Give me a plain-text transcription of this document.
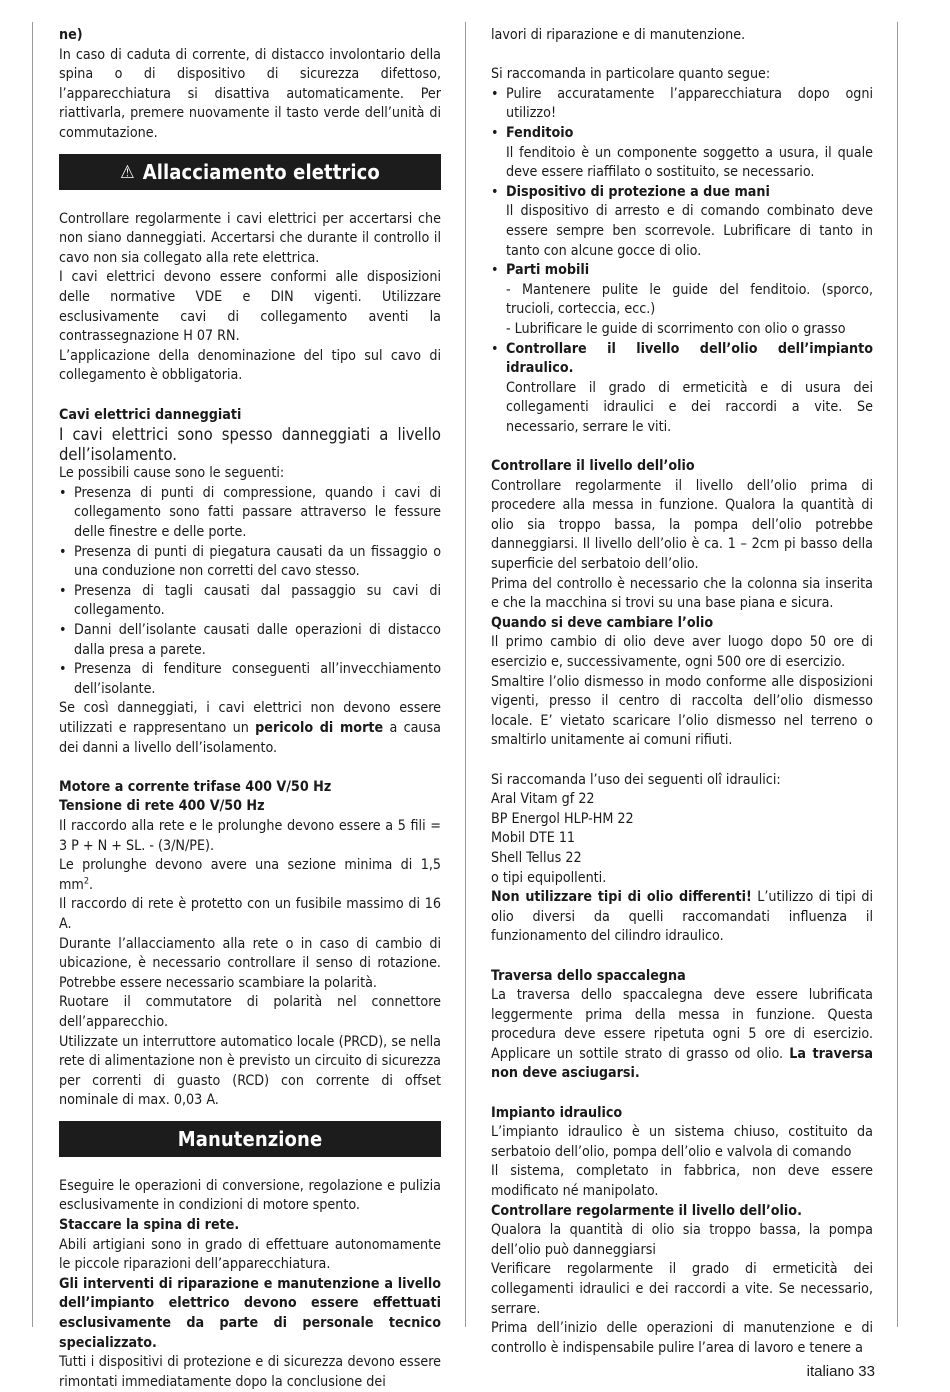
ne)

In caso di caduta di corrente, di distacco involontario della spina o di dispositivo di sicurezza difettoso, l’apparecchiatura si disattiva automaticamente. Per riattivarla, premere nuovamente il tasto verde dell’unità di commutazione.

⚠ Allacciamento elettrico

Controllare regolarmente i cavi elettrici per accertarsi che non siano danneggiati. Accertarsi che durante il controllo il cavo non sia collegato alla rete elettrica.

I cavi elettrici devono essere conformi alle disposizioni delle normative VDE e DIN vigenti. Utilizzare esclusivamente cavi di collegamento aventi la contrassegnazione H 07 RN.

L’applicazione della denominazione del tipo sul cavo di collegamento è obbligatoria.

Cavi elettrici danneggiati

I cavi elettrici sono spesso danneggiati a livello dell’isolamento.

Le possibili cause sono le seguenti:

• Presenza di punti di compressione, quando i cavi di collegamento sono fatti passare attraverso le fessure delle finestre e delle porte.
• Presenza di punti di piegatura causati da un fissaggio o una conduzione non corretti del cavo stesso.
• Presenza di tagli causati dal passaggio su cavi di collegamento.
• Danni dell’isolante causati dalle operazioni di distacco dalla presa a parete.
• Presenza di fenditure conseguenti all’invecchiamento dell’isolante.

Se così danneggiati, i cavi elettrici non devono essere utilizzati e rappresentano un pericolo di morte a causa dei danni a livello dell’isolamento.

Motore a corrente trifase 400 V/50 Hz

Tensione di rete 400 V/50 Hz

Il raccordo alla rete e le prolunghe devono essere a 5 fili = 3 P + N + SL. - (3/N/PE).

Le prolunghe devono avere una sezione minima di 1,5 $mm^2$.

Il raccordo di rete è protetto con un fusibile massimo di 16 A.

Durante l’allacciamento alla rete o in caso di cambio di ubicazione, è necessario controllare il senso di rotazione. Potrebbe essere necessario scambiare la polarità.

Ruotare il commutatore di polarità nel connettore dell’apparecchio.

Utilizzate un interruttore automatico locale (PRCD), se nella rete di alimentazione non è previsto un circuito di sicurezza per correnti di guasto (RCD) con corrente di offset nominale di max. 0,03 A.

Manutenzione

Eseguire le operazioni di conversione, regolazione e pulizia esclusivamente in condizioni di motore spento.

Staccare la spina di rete.

Abili artigiani sono in grado di effettuare autonomamente le piccole riparazioni dell’apparecchiatura.

Gli interventi di riparazione e manutenzione a livello dell’impianto elettrico devono essere effettuati esclusivamente da parte di personale tecnico specializzato.

Tutti i dispositivi di protezione e di sicurezza devono essere rimontati immediatamente dopo la conclusione dei

lavori di riparazione e di manutenzione.

Si raccomanda in particolare quanto segue:

• Pulire accuratamente l’apparecchiatura dopo ogni utilizzo!
• Fenditoio
Il fenditoio è un componente soggetto a usura, il quale deve essere riaffilato o sostituito, se necessario.
• Dispositivo di protezione a due mani
Il dispositivo di arresto e di comando combinato deve essere sempre ben scorrevole. Lubrificare di tanto in tanto con alcune gocce di olio.
• Parti mobili
- Mantenere pulite le guide del fenditoio. (sporco, trucioli, corteccia, ecc.)
- Lubrificare le guide di scorrimento con olio o grasso
• Controllare il livello dell’olio dell’impianto idraulico.
Controllare il grado di ermeticità e di usura dei collegamenti idraulici e dei raccordi a vite. Se necessario, serrare le viti.

Controllare il livello dell’olio

Controllare regolarmente il livello dell’olio prima di procedere alla messa in funzione. Qualora la quantità di olio sia troppo bassa, la pompa dell’olio potrebbe danneggiarsi. Il livello dell’olio è ca. 1 – 2cm pi basso della superficie del serbatoio dell’olio.

Prima del controllo è necessario che la colonna sia inserita e che la macchina si trovi su una base piana e sicura.

Quando si deve cambiare l’olio

Il primo cambio di olio deve aver luogo dopo 50 ore di esercizio e, successivamente, ogni 500 ore di esercizio.

Smaltire l’olio dismesso in modo conforme alle disposizioni vigenti, presso il centro di raccolta dell’olio dismesso locale. E’ vietato scaricare l’olio dismesso nel terreno o smaltirlo unitamente ai comuni rifiuti.

Si raccomanda l’uso dei seguenti olî idraulici:

Aral Vitam gf 22

BP Energol HLP-HM 22

Mobil DTE 11

Shell Tellus 22

o tipi equipollenti.

Non utilizzare tipi di olio differenti! L’utilizzo di tipi di olio diversi da quelli raccomandati influenza il funzionamento del cilindro idraulico.

Traversa dello spaccalegna

La traversa dello spaccalegna deve essere lubrificata leggermente prima della messa in funzione. Questa procedura deve essere ripetuta ogni 5 ore di esercizio. Applicare un sottile strato di grasso od olio. La traversa non deve asciugarsi.

Impianto idraulico

L’impianto idraulico è un sistema chiuso, costituito da serbatoio dell’olio, pompa dell’olio e valvola di comando

Il sistema, completato in fabbrica, non deve essere modificato né manipolato.

Controllare regolarmente il livello dell’olio.

Qualora la quantità di olio sia troppo bassa, la pompa dell’olio può danneggiarsi

Verificare regolarmente il grado di ermeticità dei collegamenti idraulici e dei raccordi a vite. Se necessario, serrare.

Prima dell’inizio delle operazioni di manutenzione e di controllo è indispensabile pulire l’area di lavoro e tenere a

italiano 33
